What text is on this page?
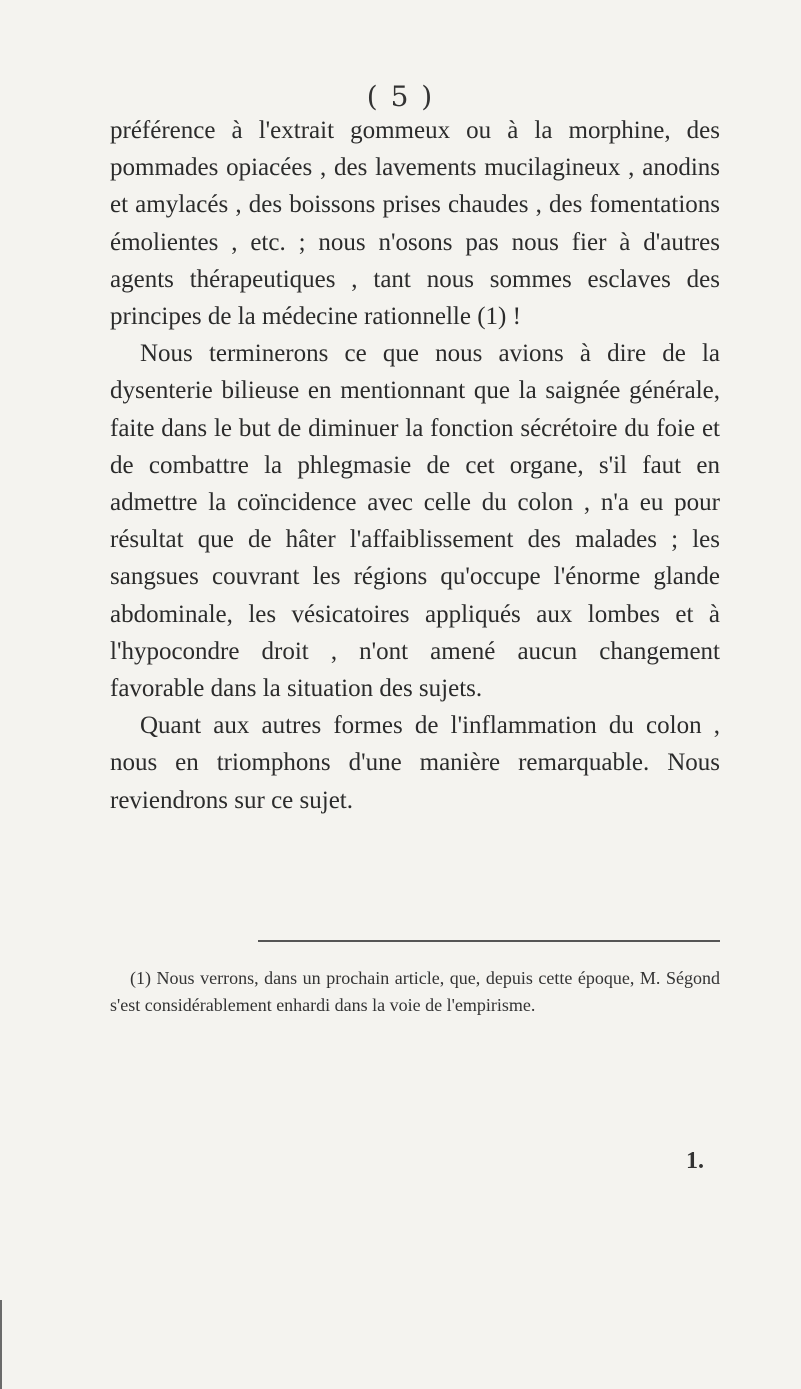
( 5 )

préférence à l'extrait gommeux ou à la morphine, des pommades opiacées , des lavements mucilagineux , anodins et amylacés , des boissons prises chaudes , des fomentations émolientes , etc. ; nous n'osons pas nous fier à d'autres agents thérapeutiques , tant nous sommes esclaves des principes de la médecine rationnelle (1) !

Nous terminerons ce que nous avions à dire de la dysenterie bilieuse en mentionnant que la saignée générale, faite dans le but de diminuer la fonction sécrétoire du foie et de combattre la phlegmasie de cet organe, s'il faut en admettre la coïncidence avec celle du colon , n'a eu pour résultat que de hâter l'affaiblissement des malades ; les sangsues couvrant les régions qu'occupe l'énorme glande abdominale, les vésicatoires appliqués aux lombes et à l'hypocondre droit , n'ont amené aucun changement favorable dans la situation des sujets.

Quant aux autres formes de l'inflammation du colon , nous en triomphons d'une manière remarquable. Nous reviendrons sur ce sujet.

(1) Nous verrons, dans un prochain article, que, depuis cette époque, M. Ségond s'est considérablement enhardi dans la voie de l'empirisme.

1.
